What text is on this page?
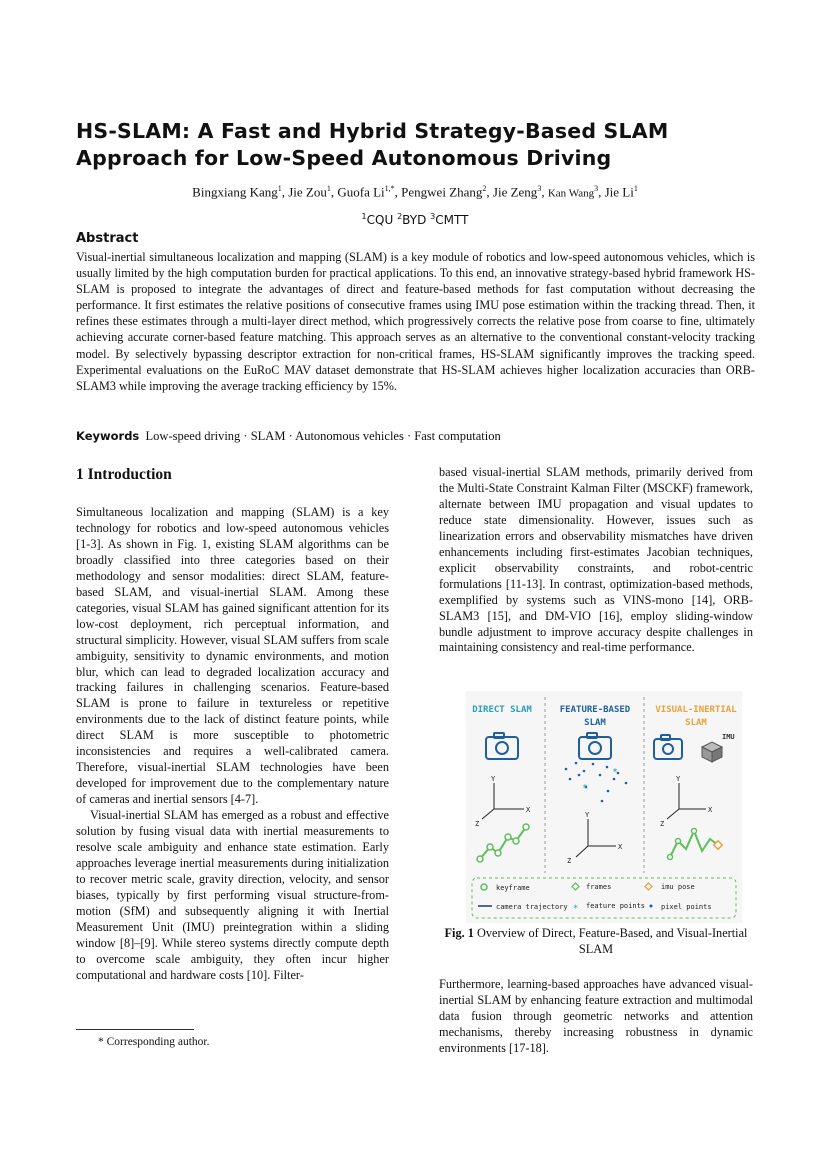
HS-SLAM: A Fast and Hybrid Strategy-Based SLAM Approach for Low-Speed Autonomous Driving
Bingxiang Kang$^1$, Jie Zou$^1$, Guofa $Li^{1,*}$, Pengwei Zhang$^2$, Jie Zeng$^3$, Kan Wang$^3$, Jie Li$^1$
$^1$CQU $^2$BYD $^3$CMTT
Abstract

Visual-inertial simultaneous localization and mapping (SLAM) is a key module of robotics and low-speed autonomous vehicles, which is usually limited by the high computation burden for practical applications. To this end, an innovative strategy-based hybrid framework HS-SLAM is proposed to integrate the advantages of direct and feature-based methods for fast computation without decreasing the performance. It first estimates the relative positions of consecutive frames using IMU pose estimation within the tracking thread. Then, it refines these estimates through a multi-layer direct method, which progressively corrects the relative pose from coarse to fine, ultimately achieving accurate corner-based feature matching. This approach serves as an alternative to the conventional constant-velocity tracking model. By selectively bypassing descriptor extraction for non-critical frames, HS-SLAM significantly improves the tracking speed. Experimental evaluations on the EuRoC MAV dataset demonstrate that HS-SLAM achieves higher localization accuracies than ORB-SLAM3 while improving the average tracking efficiency by 15%.

Keywords Low-speed driving · SLAM · Autonomous vehicles · Fast computation

1 Introduction

Simultaneous localization and mapping (SLAM) is a key technology for robotics and low-speed autonomous vehicles [1-3]. As shown in Fig. 1, existing SLAM algorithms can be broadly classified into three categories based on their methodology and sensor modalities: direct SLAM, feature-based SLAM, and visual-inertial SLAM. Among these categories, visual SLAM has gained significant attention for its low-cost deployment, rich perceptual information, and structural simplicity. However, visual SLAM suffers from scale ambiguity, sensitivity to dynamic environments, and motion blur, which can lead to degraded localization accuracy and tracking failures in challenging scenarios. Feature-based SLAM is prone to failure in textureless or repetitive environments due to the lack of distinct feature points, while direct SLAM is more susceptible to photometric inconsistencies and requires a well-calibrated camera. Therefore, visual-inertial SLAM technologies have been developed for improvement due to the complementary nature of cameras and inertial sensors [4-7].

Visual-inertial SLAM has emerged as a robust and effective solution by fusing visual data with inertial measurements to resolve scale ambiguity and enhance state estimation. Early approaches leverage inertial measurements during initialization to recover metric scale, gravity direction, velocity, and sensor biases, typically by first performing visual structure-from-motion (SfM) and subsequently aligning it with Inertial Measurement Unit (IMU) preintegration within a sliding window [8]–[9]. While stereo systems directly compute depth to overcome scale ambiguity, they often incur higher computational and hardware costs [10]. Filter-

* Corresponding author.

based visual-inertial SLAM methods, primarily derived from the Multi-State Constraint Kalman Filter (MSCKF) framework, alternate between IMU propagation and visual updates to reduce state dimensionality. However, issues such as linearization errors and observability mismatches have driven enhancements including first-estimates Jacobian techniques, explicit observability constraints, and robot-centric formulations [11-13]. In contrast, optimization-based methods, exemplified by systems such as VINS-mono [14], ORB-SLAM3 [15], and DM-VIO [16], employ sliding-window bundle adjustment to improve accuracy despite challenges in maintaining consistency and real-time performance.

DIRECT SLAM	FEATURE-BASED
SLAM
VISUAL-INERTIAL
SLAM
IMU
*
*
Y
X
Z
Y
X
Z
Y
X
Z
keyframe	frames	imu pose
camera trajectory * feature points pixel points
Fig. 1 Overview of Direct, Feature-Based, and Visual-Inertial SLAM

Furthermore, learning-based approaches have advanced visual-inertial SLAM by enhancing feature extraction and multimodal data fusion through geometric networks and attention mechanisms, thereby increasing robustness in dynamic environments [17-18].
